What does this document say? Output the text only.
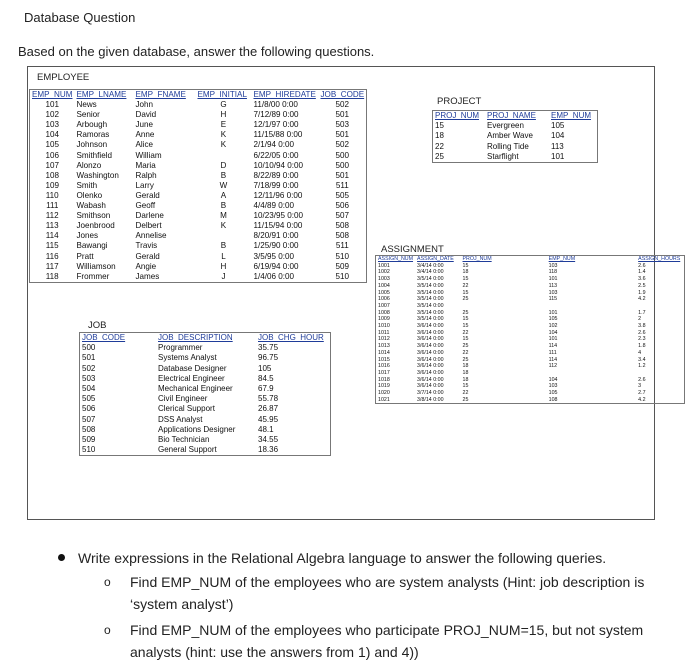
Database Question
Based on the given database, answer the following questions.
EMPLOYEE
EMP_NUM	EMP_LNAME	EMP_FNAME	EMP_INITIAL	EMP_HIREDATE	JOB_CODE
101	News	John	G	11/8/00 0:00	502
102	Senior	David	H	7/12/89 0:00	501
103	Arbough	June	E	12/1/97 0:00	503
104	Ramoras	Anne	K	11/15/88 0:00	501
105	Johnson	Alice	K	2/1/94 0:00	502
106	Smithfield	William		6/22/05 0:00	500
107	Alonzo	Maria	D	10/10/94 0:00	500
108	Washington	Ralph	B	8/22/89 0:00	501
109	Smith	Larry	W	7/18/99 0:00	511
110	Olenko	Gerald	A	12/11/96 0:00	505
111	Wabash	Geoff	B	4/4/89 0:00	506
112	Smithson	Darlene	M	10/23/95 0:00	507
113	Joenbrood	Delbert	K	11/15/94 0:00	508
114	Jones	Annelise		8/20/91 0:00	508
115	Bawangi	Travis	B	1/25/90 0:00	511
116	Pratt	Gerald	L	3/5/95 0:00	510
117	Williamson	Angie	H	6/19/94 0:00	509
118	Frommer	James	J	1/4/06 0:00	510
JOB
JOB_CODE	JOB_DESCRIPTION	JOB_CHG_HOUR
500	Programmer	35.75
501	Systems Analyst	96.75
502	Database Designer	105
503	Electrical Engineer	84.5
504	Mechanical Engineer	67.9
505	Civil Engineer	55.78
506	Clerical Support	26.87
507	DSS Analyst	45.95
508	Applications Designer	48.1
509	Bio Technician	34.55
510	General Support	18.36
PROJECT
PROJ_NUM	PROJ_NAME	EMP_NUM
15	Evergreen	105
18	Amber Wave	104
22	Rolling Tide	113
25	Starflight	101
ASSIGNMENT
ASSIGN_NUM	ASSIGN_DATE	PROJ_NUM	EMP_NUM	ASSIGN_HOURS
1001	3/4/14 0:00	15	103	2.6
1002	3/4/14 0:00	18	118	1.4
1003	3/5/14 0:00	15	101	3.6
1004	3/5/14 0:00	22	113	2.5
1005	3/5/14 0:00	15	103	1.9
1006	3/5/14 0:00	25	115	4.2
1007	3/5/14 0:00			
1008	3/5/14 0:00	25	101	1.7
1009	3/5/14 0:00	15	105	2
1010	3/6/14 0:00	15	102	3.8
1011	3/6/14 0:00	22	104	2.6
1012	3/6/14 0:00	15	101	2.3
1013	3/6/14 0:00	25	114	1.8
1014	3/6/14 0:00	22	111	4
1015	3/6/14 0:00	25	114	3.4
1016	3/6/14 0:00	18	112	1.2
1017	3/6/14 0:00	18		
1018	3/6/14 0:00	18	104	2.6
1019	3/6/14 0:00	15	103	3
1020	3/7/14 0:00	22	105	2.7
1021	3/8/14 0:00	25	108	4.2
Write expressions in the Relational Algebra language to answer the following queries.
o Find EMP_NUM of the employees who are system analysts (Hint: job description is
‘system analyst’)
o Find EMP_NUM of the employees who participate PROJ_NUM=15, but not system
analysts (hint: use the answers from 1) and 4))
